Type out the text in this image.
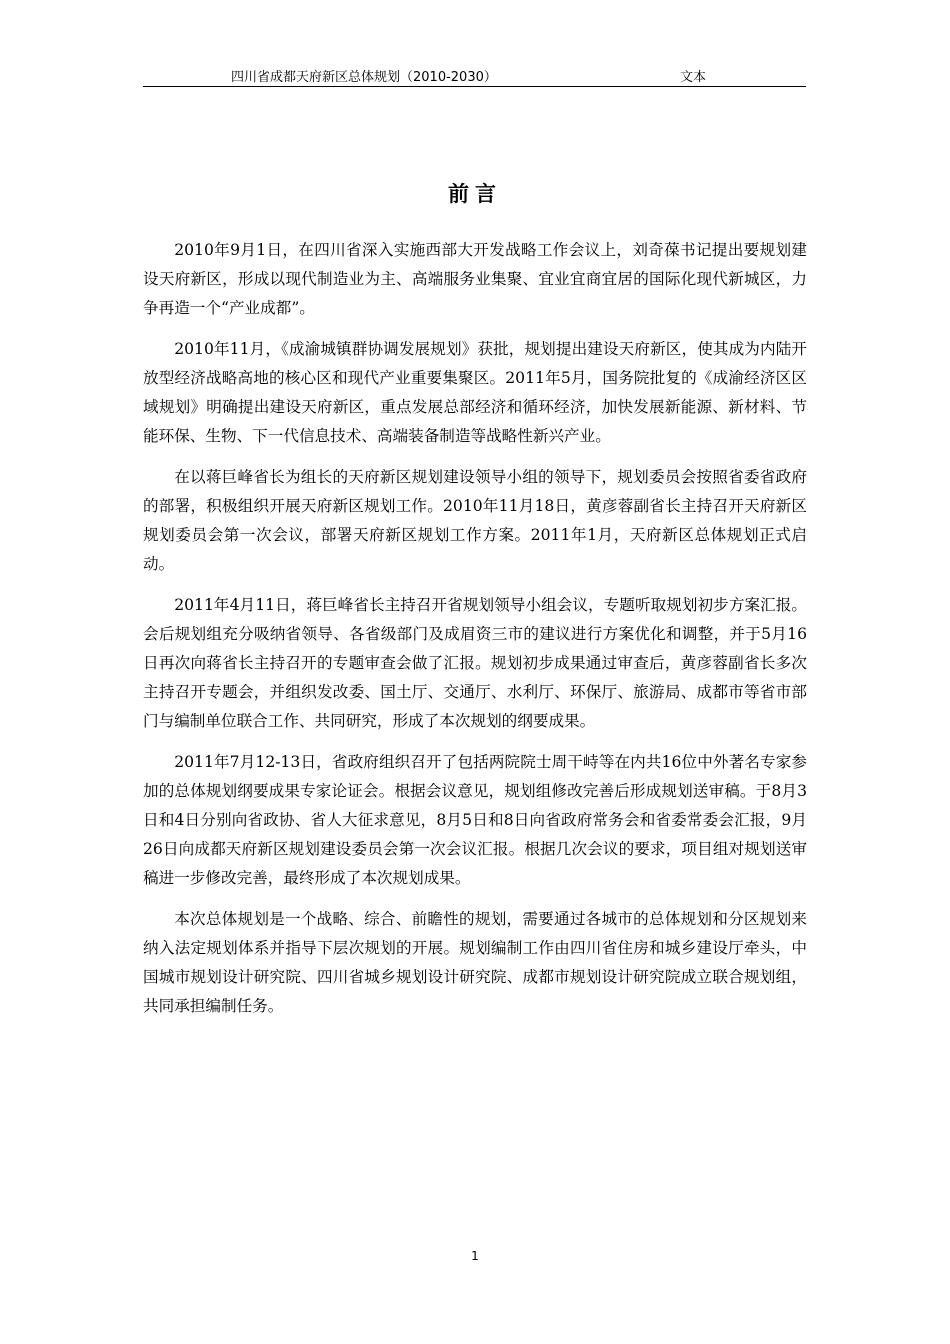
四川省成都天府新区总体规划（2010-2030）	文本
前言

2010年9月1日，在四川省深入实施西部大开发战略工作会议上，刘奇葆书记提出要规划建设天府新区，形成以现代制造业为主、高端服务业集聚、宜业宜商宜居的国际化现代新城区，力争再造一个“产业成都”。

2010年11月，《成渝城镇群协调发展规划》获批，规划提出建设天府新区，使其成为内陆开放型经济战略高地的核心区和现代产业重要集聚区。2011年5月，国务院批复的《成渝经济区区域规划》明确提出建设天府新区，重点发展总部经济和循环经济，加快发展新能源、新材料、节能环保、生物、下一代信息技术、高端装备制造等战略性新兴产业。

在以蒋巨峰省长为组长的天府新区规划建设领导小组的领导下，规划委员会按照省委省政府的部署，积极组织开展天府新区规划工作。2010年11月18日，黄彦蓉副省长主持召开天府新区规划委员会第一次会议，部署天府新区规划工作方案。2011年1月，天府新区总体规划正式启动。

2011年4月11日，蒋巨峰省长主持召开省规划领导小组会议，专题听取规划初步方案汇报。会后规划组充分吸纳省领导、各省级部门及成眉资三市的建议进行方案优化和调整，并于5月16日再次向蒋省长主持召开的专题审查会做了汇报。规划初步成果通过审查后，黄彦蓉副省长多次主持召开专题会，并组织发改委、国土厅、交通厅、水利厅、环保厅、旅游局、成都市等省市部门与编制单位联合工作、共同研究，形成了本次规划的纲要成果。

2011年7月12-13日，省政府组织召开了包括两院院士周干峙等在内共16位中外著名专家参加的总体规划纲要成果专家论证会。根据会议意见，规划组修改完善后形成规划送审稿。于8月3日和4日分别向省政协、省人大征求意见，8月5日和8日向省政府常务会和省委常委会汇报，9月26日向成都天府新区规划建设委员会第一次会议汇报。根据几次会议的要求，项目组对规划送审稿进一步修改完善，最终形成了本次规划成果。

本次总体规划是一个战略、综合、前瞻性的规划，需要通过各城市的总体规划和分区规划来纳入法定规划体系并指导下层次规划的开展。规划编制工作由四川省住房和城乡建设厅牵头，中国城市规划设计研究院、四川省城乡规划设计研究院、成都市规划设计研究院成立联合规划组，共同承担编制任务。

1
